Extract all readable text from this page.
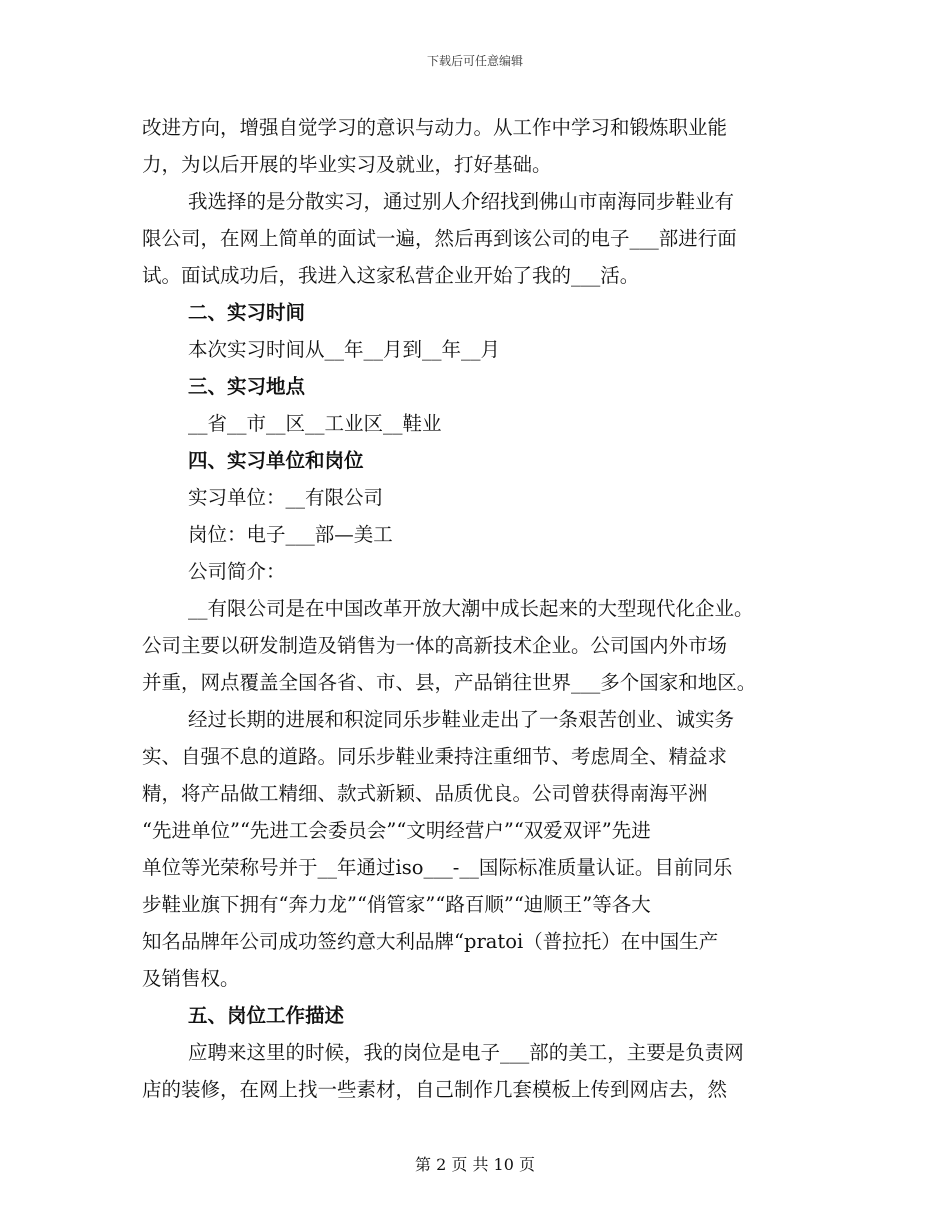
下载后可任意编辑
改进方向，增强自觉学习的意识与动力。从工作中学习和锻炼职业能
力，为以后开展的毕业实习及就业，打好基础。
我选择的是分散实习，通过别人介绍找到佛山市南海同步鞋业有
限公司，在网上简单的面试一遍，然后再到该公司的电子___部进行面
试。面试成功后，我进入这家私营企业开始了我的___活。
二、实习时间
本次实习时间从__年__月到__年__月
三、实习地点
__省__市__区__工业区__鞋业
四、实习单位和岗位
实习单位：__有限公司
岗位：电子___部—美工
公司简介：
__有限公司是在中国改革开放大潮中成长起来的大型现代化企业。
公司主要以研发制造及销售为一体的高新技术企业。公司国内外市场
并重，网点覆盖全国各省、市、县，产品销往世界___多个国家和地区。
经过长期的进展和积淀同乐步鞋业走出了一条艰苦创业、诚实务
实、自强不息的道路。同乐步鞋业秉持注重细节、考虑周全、精益求
精，将产品做工精细、款式新颖、品质优良。公司曾获得南海平洲
“先进单位”“先进工会委员会”“文明经营户”“双爱双评”先进
单位等光荣称号并于__年通过iso___-__国际标准质量认证。目前同乐
步鞋业旗下拥有“奔力龙”“俏管家”“路百顺”“迪顺王”等各大
知名品牌年公司成功签约意大利品牌“pratoi（普拉托）在中国生产
及销售权。
五、岗位工作描述
应聘来这里的时候，我的岗位是电子___部的美工，主要是负责网
店的装修，在网上找一些素材，自己制作几套模板上传到网店去，然
第 2 页 共 10 页
